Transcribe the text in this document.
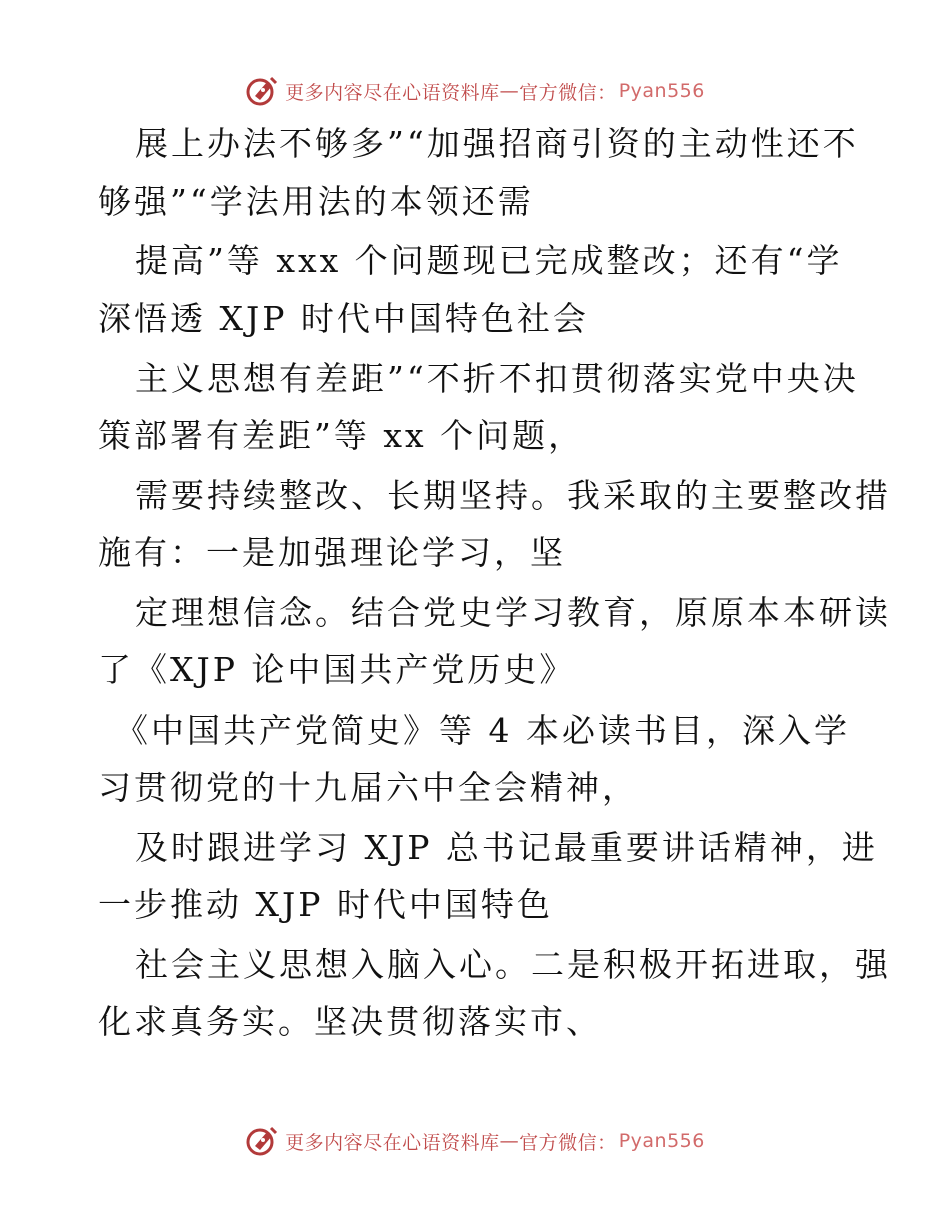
更多内容尽在心语资料库 — 官方微信： Pyan556
展上办法不够多”“加强招商引资的主动性还不
够强”“学法用法的本领还需
提高”等 xxx 个问题现已完成整改；还有“学
深悟透 XJP 时代中国特色社会
主义思想有差距”“不折不扣贯彻落实党中央决
策部署有差距”等 xx 个问题，
需要持续整改、长期坚持。我采取的主要整改措
施有：一是加强理论学习，坚
定理想信念。结合党史学习教育，原原本本研读
了《XJP 论中国共产党历史》
《中国共产党简史》等 4 本必读书目，深入学
习贯彻党的十九届六中全会精神，
及时跟进学习 XJP 总书记最重要讲话精神，进
一步推动 XJP 时代中国特色
社会主义思想入脑入心。二是积极开拓进取，强
化求真务实。坚决贯彻落实市、
更多内容尽在心语资料库 — 官方微信： Pyan556
